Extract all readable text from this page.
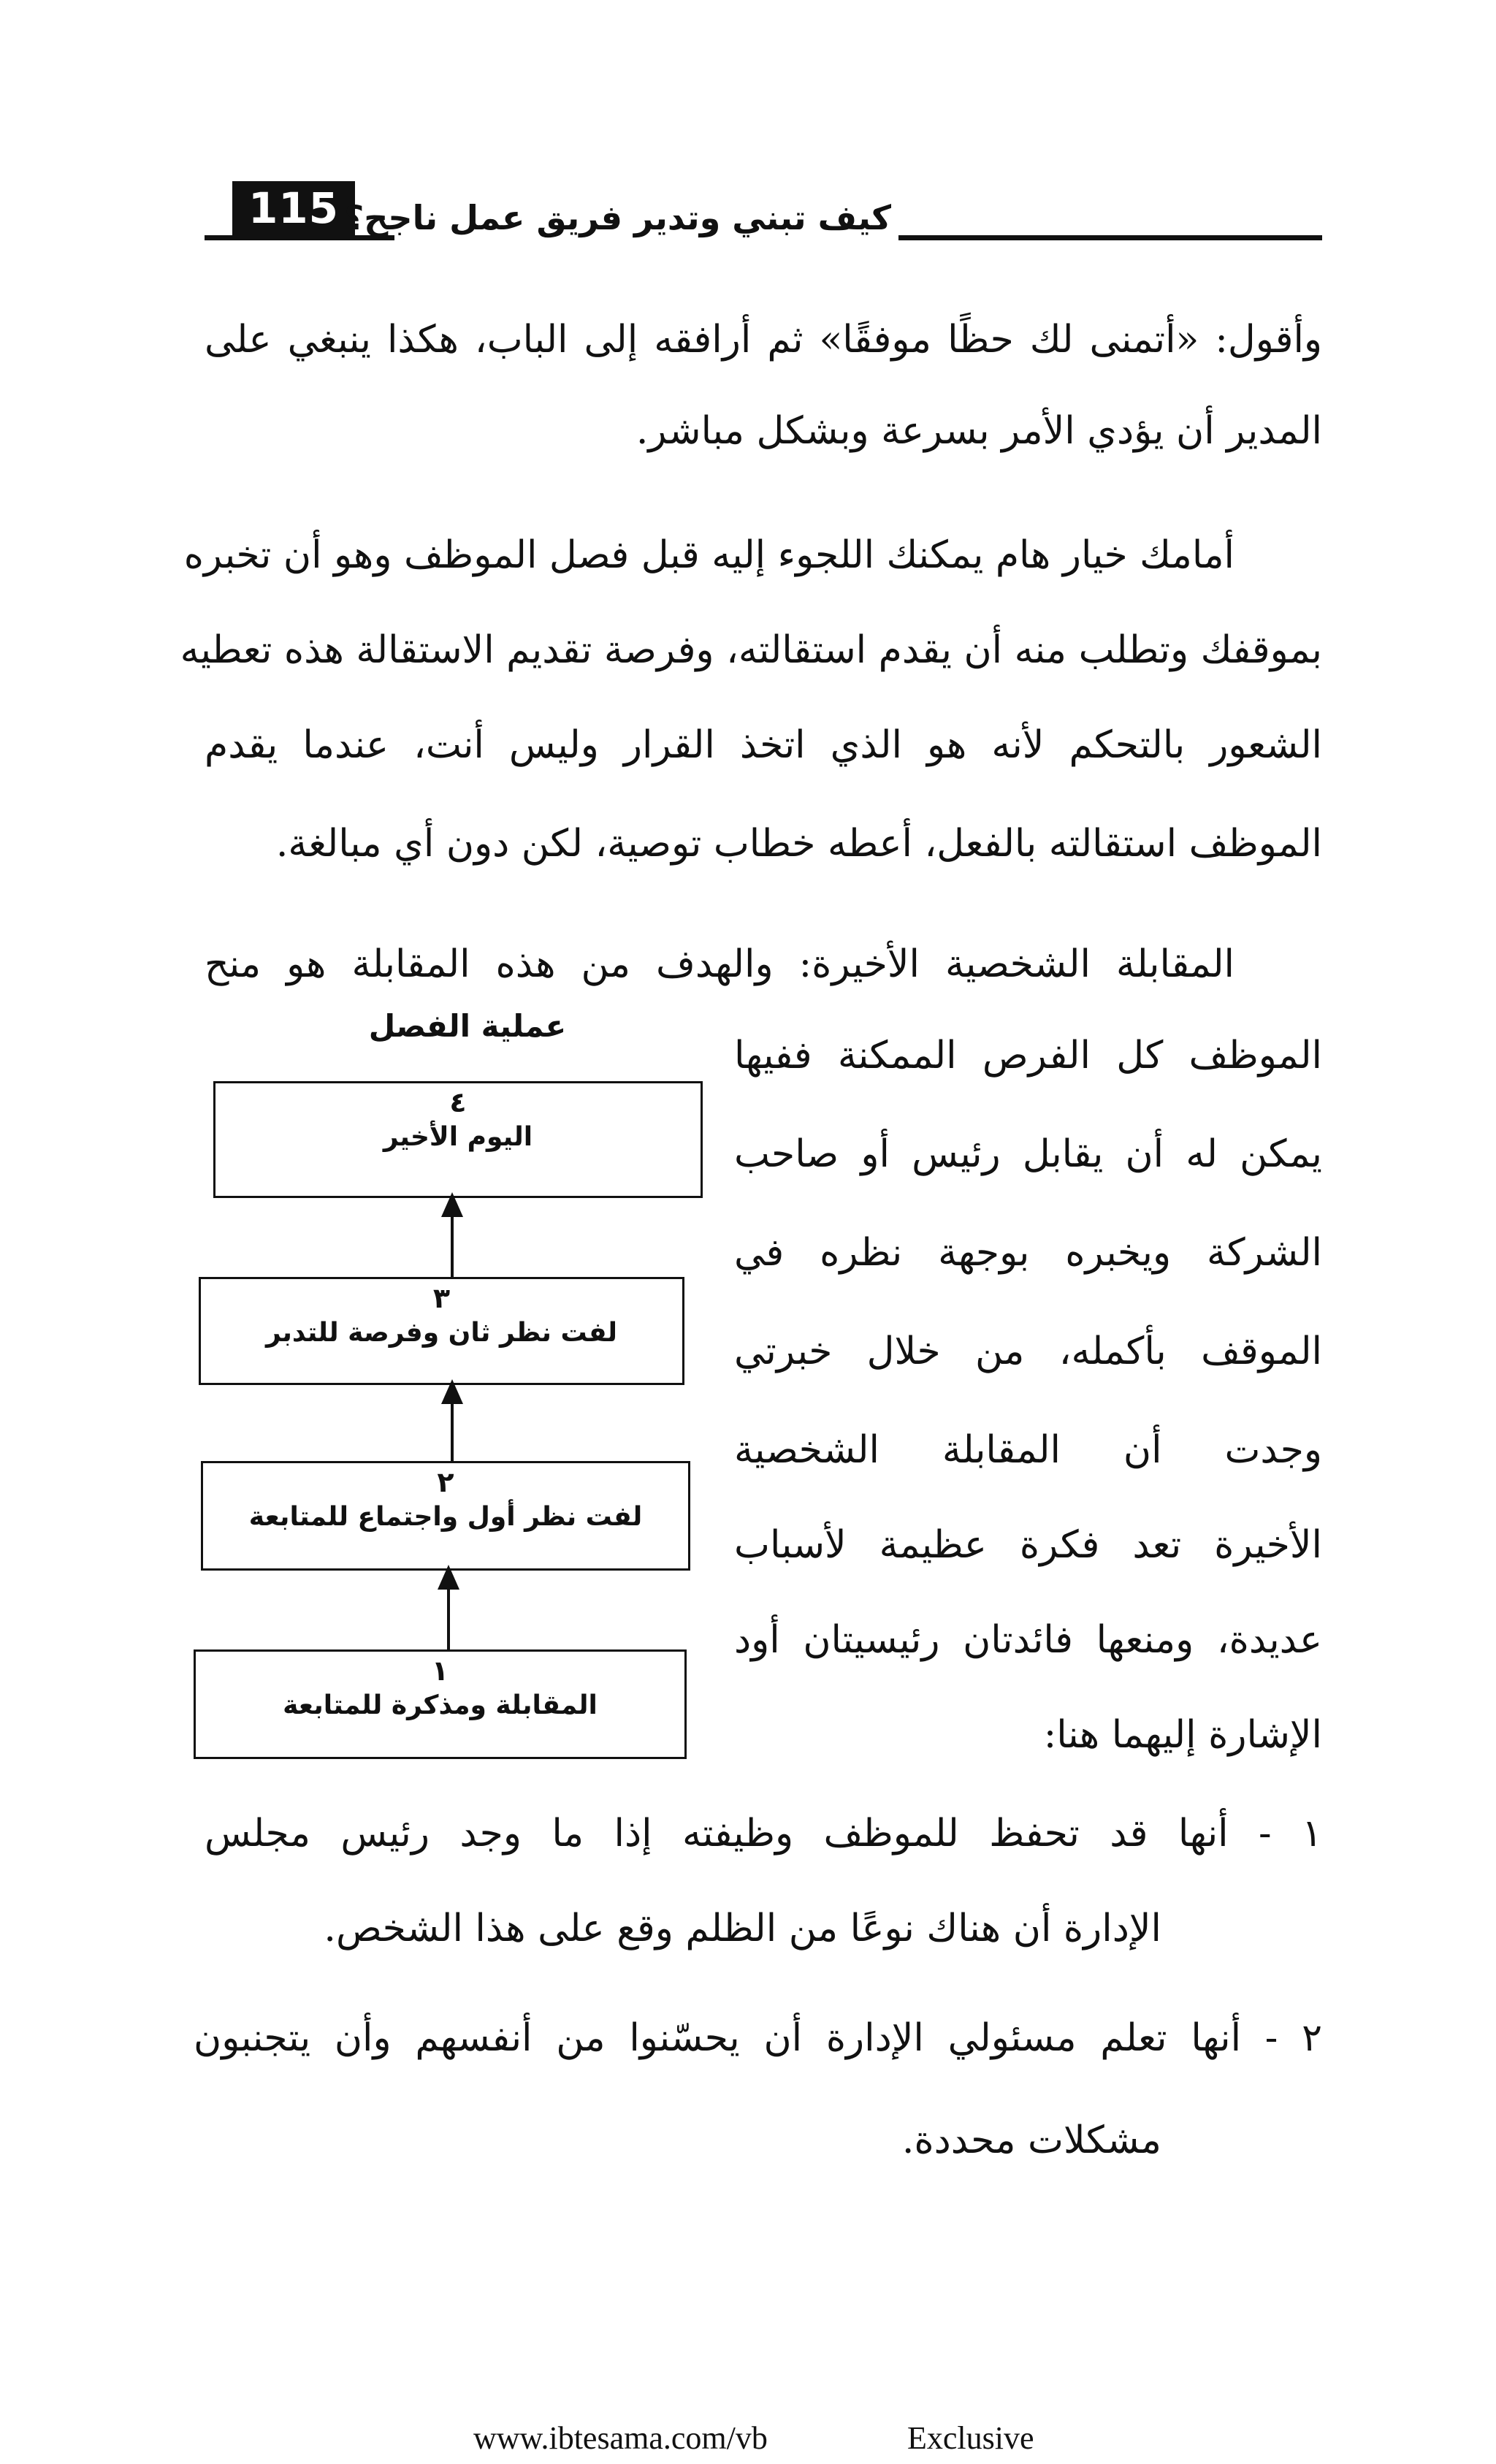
115 كيف تبني وتدير فريق عمل ناجح؟
وأقول: «أتمنى لك حظًا موفقًا» ثم أرافقه إلى الباب، هكذا ينبغي على
المدير أن يؤدي الأمر بسرعة وبشكل مباشر.
أمامك خيار هام يمكنك اللجوء إليه قبل فصل الموظف وهو أن تخبره
بموقفك وتطلب منه أن يقدم استقالته، وفرصة تقديم الاستقالة هذه تعطيه
الشعور بالتحكم لأنه هو الذي اتخذ القرار وليس أنت، عندما يقدم
الموظف استقالته بالفعل، أعطه خطاب توصية، لكن دون أي مبالغة.
المقابلة الشخصية الأخيرة: والهدف من هذه المقابلة هو منح
الموظف كل الفرص الممكنة ففيها
يمكن له أن يقابل رئيس أو صاحب
الشركة ويخبره بوجهة نظره في
الموقف بأكمله، من خلال خبرتي
وجدت أن المقابلة الشخصية
الأخيرة تعد فكرة عظيمة لأسباب
عديدة، ومنعها فائدتان رئيسيتان أود
الإشارة إليهما هنا:
عملية الفصل
٤
اليوم الأخير
٣
لفت نظر ثان وفرصة للتدبر
٢
لفت نظر أول واجتماع للمتابعة
١
المقابلة ومذكرة للمتابعة
١ - أنها قد تحفظ للموظف وظيفته إذا ما وجد رئيس مجلس
الإدارة أن هناك نوعًا من الظلم وقع على هذا الشخص.
٢ - أنها تعلم مسئولي الإدارة أن يحسّنوا من أنفسهم وأن يتجنبون
مشكلات محددة.
www.ibtesama.com/vb	Exclusive
